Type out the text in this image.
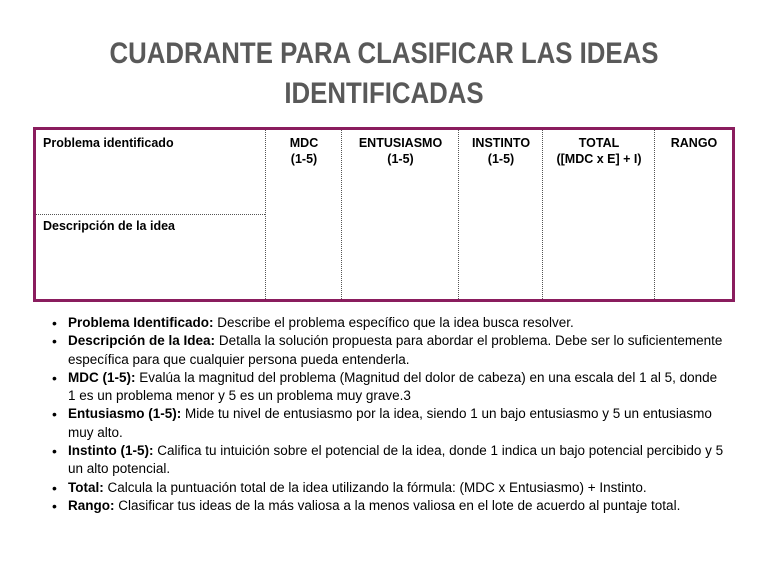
CUADRANTE PARA CLASIFICAR LAS IDEAS
IDENTIFICADAS
Problema identificado
Descripción de la idea
MDC
(1-5)
ENTUSIASMO
(1-5)
INSTINTO
(1-5)
TOTAL
([MDC x E] + I)
RANGO
• Problema Identificado: Describe el problema específico que la idea busca resolver.
• Descripción de la Idea: Detalla la solución propuesta para abordar el problema. Debe ser lo suficientemente específica para que cualquier persona pueda entenderla.
• MDC (1-5): Evalúa la magnitud del problema (Magnitud del dolor de cabeza) en una escala del 1 al 5, donde 1 es un problema menor y 5 es un problema muy grave.3
• Entusiasmo (1-5): Mide tu nivel de entusiasmo por la idea, siendo 1 un bajo entusiasmo y 5 un entusiasmo muy alto.
• Instinto (1-5): Califica tu intuición sobre el potencial de la idea, donde 1 indica un bajo potencial percibido y 5 un alto potencial.
• Total: Calcula la puntuación total de la idea utilizando la fórmula: (MDC x Entusiasmo) + Instinto.
• Rango: Clasificar tus ideas de la más valiosa a la menos valiosa en el lote de acuerdo al puntaje total.
